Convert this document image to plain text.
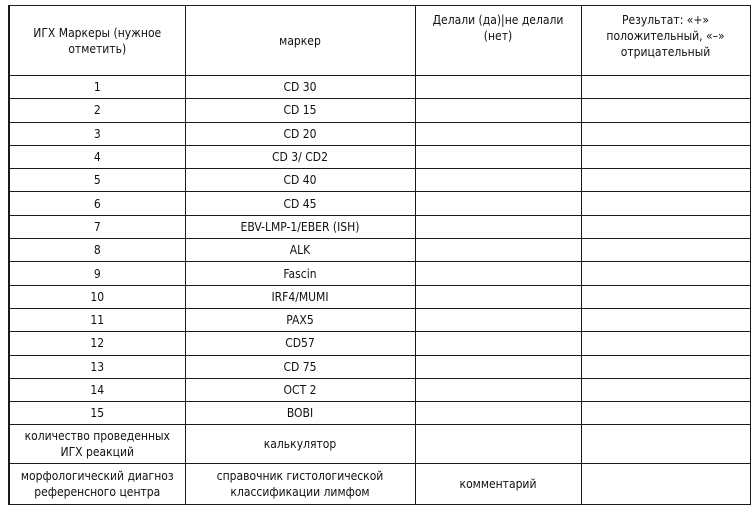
ИГХ Маркеры (нужное отметить)	маркер	Делали (да)|не делали (нет)	Результат: «+» положительный, «–» отрицательный
1	CD 30		
2	CD 15		
3	CD 20		
4	CD 3/ CD2		
5	CD 40		
6	CD 45		
7	EBV-LMP-1/EBER (ISH)		
8	ALK		
9	Fascin		
10	IRF4/MUMI		
11	PAX5		
12	CD57		
13	CD 75		
14	OCT 2		
15	BOBI		
количество проведенных ИГХ реакций	калькулятор		
морфологический диагноз референсного центра	справочник гистологической классификации лимфом	комментарий	
